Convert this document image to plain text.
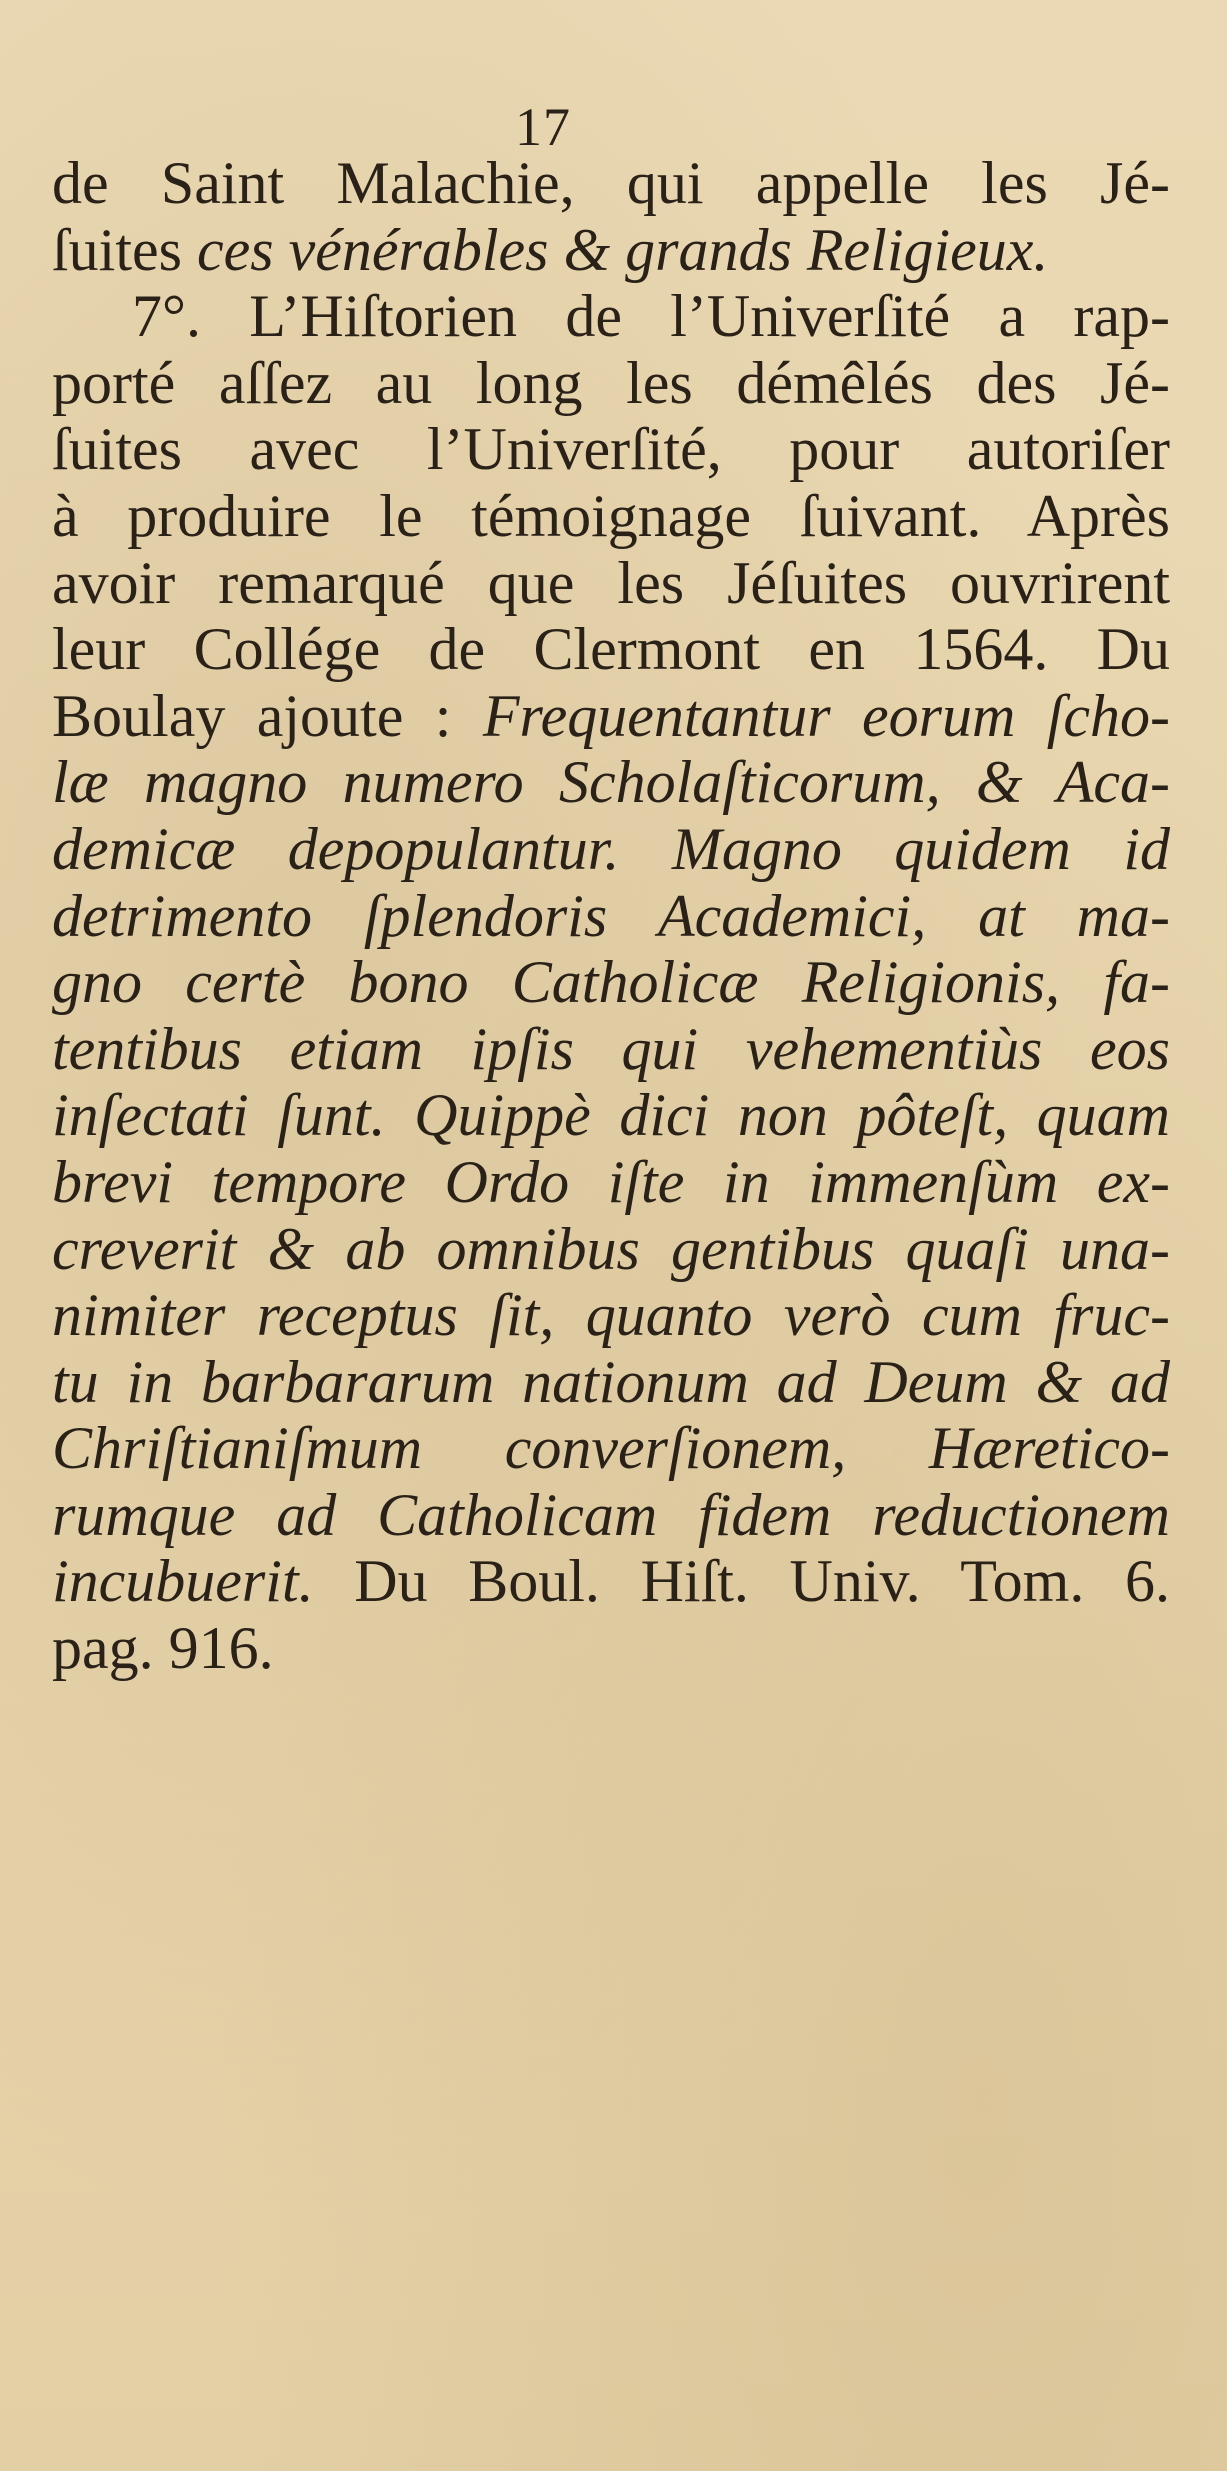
17
de Saint Malachie, qui appelle les Jé-
ſuites ces vénérables & grands Religieux.
7°. L’Hiſtorien de l’Univerſité a rap-
porté aſſez au long les démêlés des Jé-
ſuites avec l’Univerſité, pour autoriſer
à produire le témoignage ſuivant. Après
avoir remarqué que les Jéſuites ouvrirent
leur Collége de Clermont en 1564. Du
Boulay ajoute : Frequentantur eorum ſcho-
læ magno numero Scholaſticorum, & Aca-
demicæ depopulantur. Magno quidem id
detrimento ſplendoris Academici, at ma-
gno certè bono Catholicæ Religionis, fa-
tentibus etiam ipſis qui vehementiùs eos
inſectati ſunt. Quippè dici non pôteſt, quam
brevi tempore Ordo iſte in immenſùm ex-
creverit & ab omnibus gentibus quaſi una-
nimiter receptus ſit, quanto verò cum fruc-
tu in barbararum nationum ad Deum & ad
Chriſtianiſmum converſionem, Hæretico-
rumque ad Catholicam fidem reductionem
incubuerit. Du Boul. Hiſt. Univ. Tom. 6.
pag. 916.
